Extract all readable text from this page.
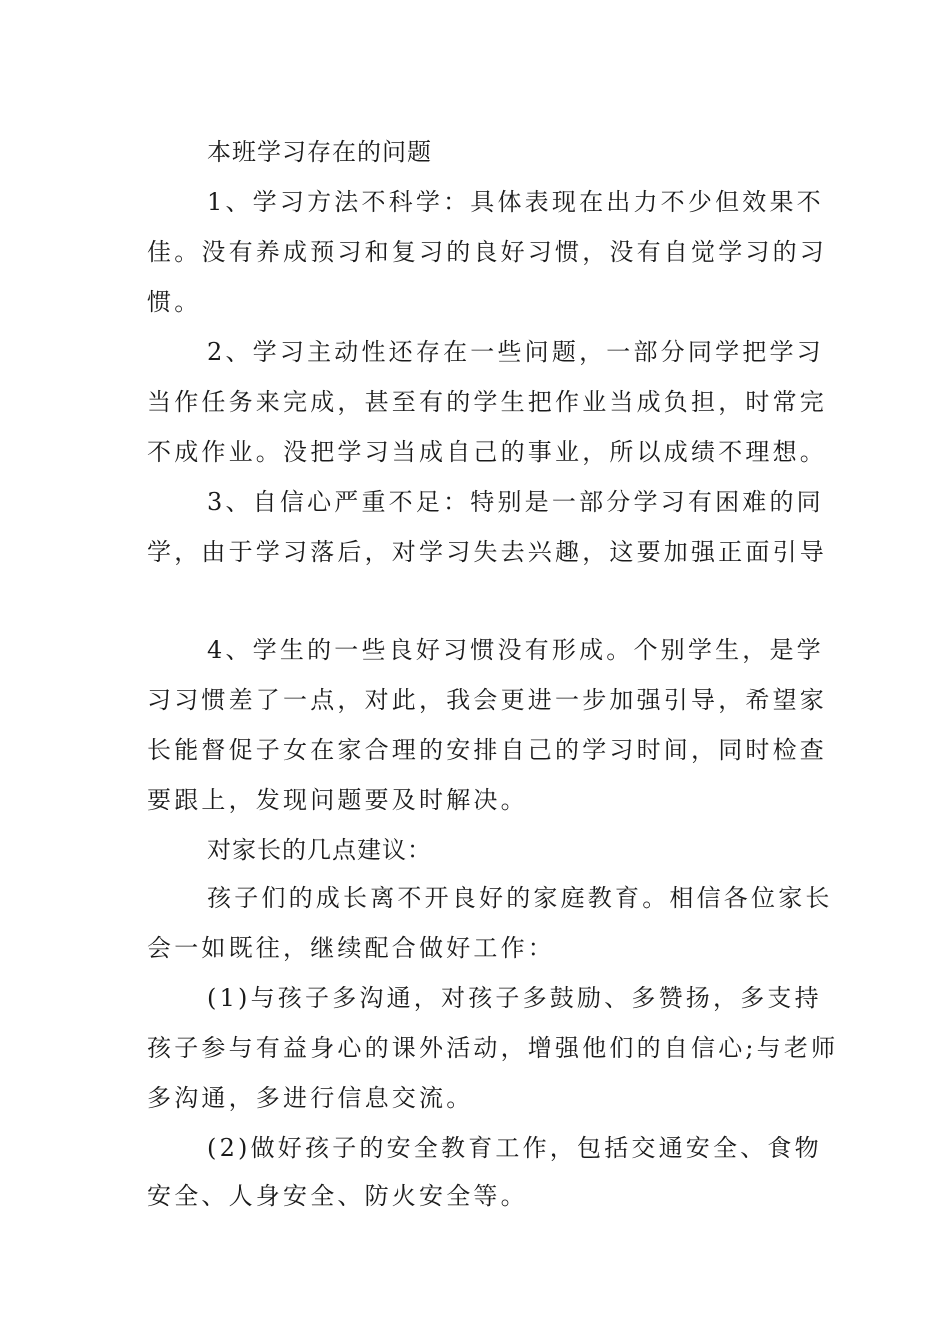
本班学习存在的问题
1、学习方法不科学：具体表现在出力不少但效果不
佳。没有养成预习和复习的良好习惯，没有自觉学习的习
惯。
2、学习主动性还存在一些问题，一部分同学把学习
当作任务来完成，甚至有的学生把作业当成负担，时常完
不成作业。没把学习当成自己的事业，所以成绩不理想。
3、自信心严重不足：特别是一部分学习有困难的同
学，由于学习落后，对学习失去兴趣，这要加强正面引导
4、学生的一些良好习惯没有形成。个别学生，是学
习习惯差了一点，对此，我会更进一步加强引导，希望家
长能督促子女在家合理的安排自己的学习时间，同时检查
要跟上，发现问题要及时解决。
对家长的几点建议：
孩子们的成长离不开良好的家庭教育。相信各位家长
会一如既往，继续配合做好工作：
(1)与孩子多沟通，对孩子多鼓励、多赞扬，多支持
孩子参与有益身心的课外活动，增强他们的自信心;与老师
多沟通，多进行信息交流。
(2)做好孩子的安全教育工作，包括交通安全、食物
安全、人身安全、防火安全等。
